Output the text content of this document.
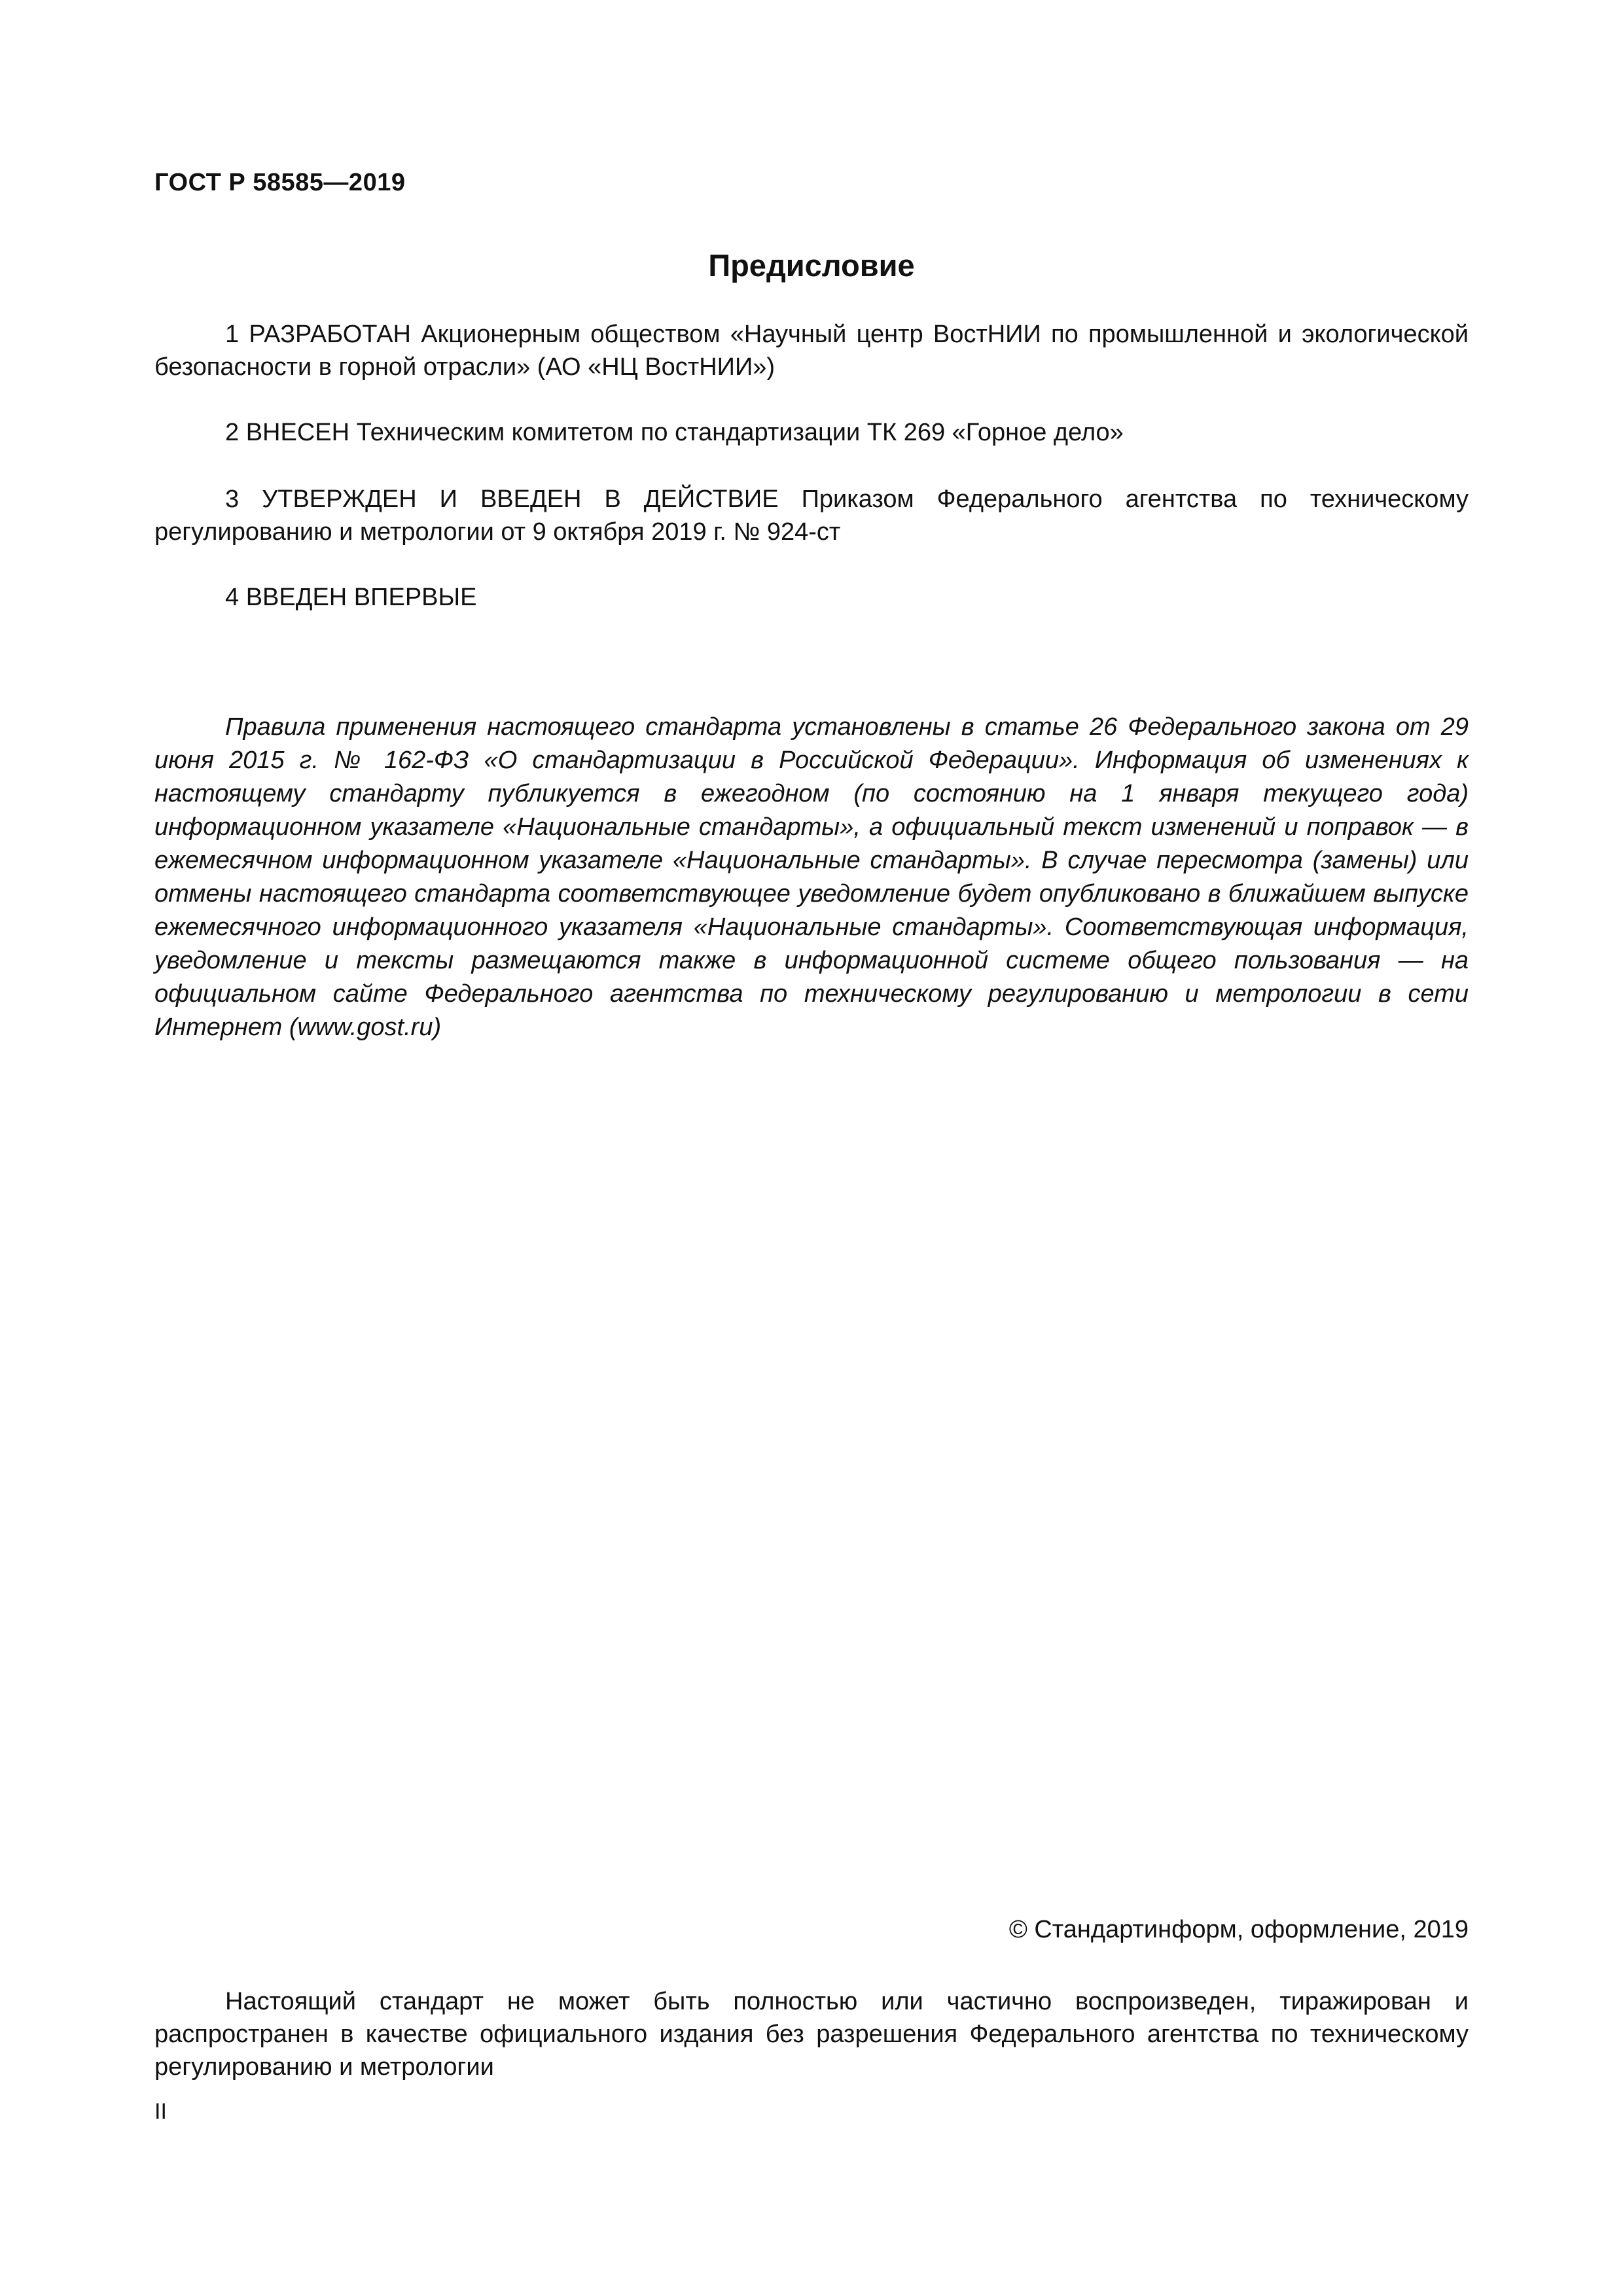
ГОСТ Р 58585—2019
Предисловие

1 РАЗРАБОТАН Акционерным обществом «Научный центр ВостНИИ по промышленной и экологической безопасности в горной отрасли» (АО «НЦ ВостНИИ»)

2 ВНЕСЕН Техническим комитетом по стандартизации ТК 269 «Горное дело»

3 УТВЕРЖДЕН И ВВЕДЕН В ДЕЙСТВИЕ Приказом Федерального агентства по техническому регулированию и метрологии от 9 октября 2019 г. № 924-ст

4 ВВЕДЕН ВПЕРВЫЕ

Правила применения настоящего стандарта установлены в статье 26 Федерального закона от 29 июня 2015 г. № 162-ФЗ «О стандартизации в Российской Федерации». Информация об изменениях к настоящему стандарту публикуется в ежегодном (по состоянию на 1 января текущего года) информационном указателе «Национальные стандарты», а официальный текст изменений и поправок — в ежемесячном информационном указателе «Национальные стандарты». В случае пересмотра (замены) или отмены настоящего стандарта соответствующее уведомление будет опубликовано в ближайшем выпуске ежемесячного информационного указателя «Национальные стандарты». Соответствующая информация, уведомление и тексты размещаются также в информационной системе общего пользования — на официальном сайте Федерального агентства по техническому регулированию и метрологии в сети Интернет (www.gost.ru)

© Стандартинформ, оформление, 2019

Настоящий стандарт не может быть полностью или частично воспроизведен, тиражирован и распространен в качестве официального издания без разрешения Федерального агентства по техническому регулированию и метрологии

II
